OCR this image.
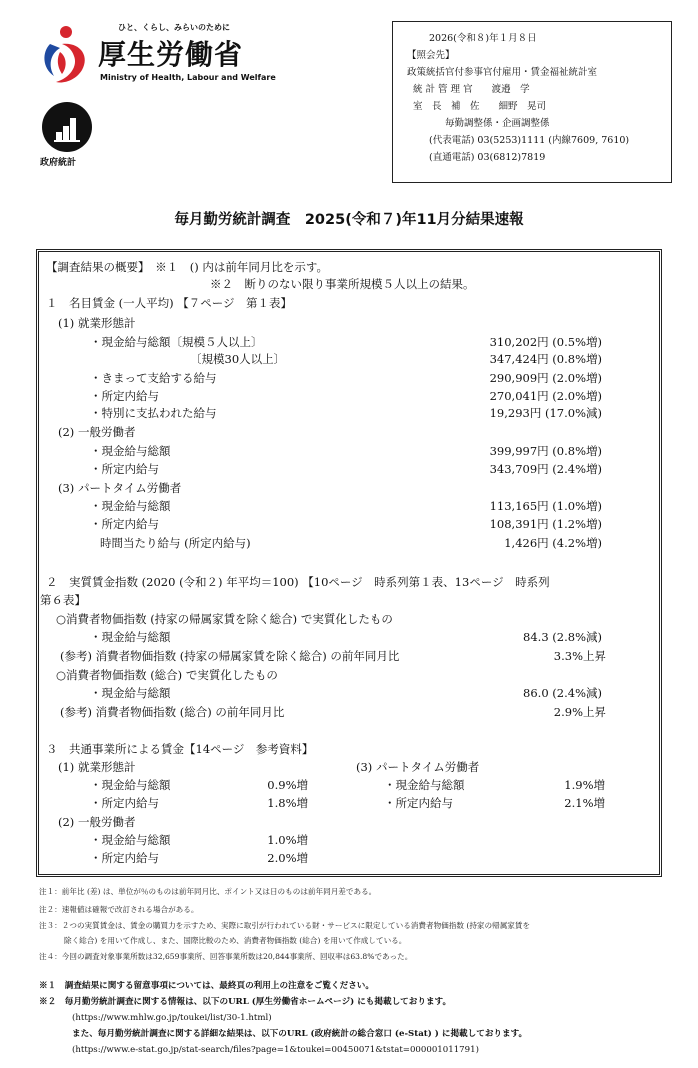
ひと、くらし、みらいのために
厚生労働省
Ministry of Health, Labour and Welfare
政府統計
2026(令和８)年１月８日
【照会先】
政策統括官付参事官付雇用・賃金福祉統計室
統 計 管 理 官　　渡邉　学
室　長　補　佐　　細野　晃司
毎勤調整係・企画調整係
(代表電話) 03(5253)1111 (内線7609, 7610)
(直通電話) 03(6812)7819
毎月勤労統計調査　2025(令和７)年11月分結果速報
【調査結果の概要】　※１　() 内は前年同月比を示す。
※２　断りのない限り事業所規模５人以上の結果。
１　名目賃金 (一人平均) 【７ページ　第１表】
(1) 就業形態計
・現金給与総額〔規模５人以上〕	310,202円 (0.5%増)
〔規模30人以上〕	347,424円 (0.8%増)
・きまって支給する給与	290,909円 (2.0%増)
・所定内給与	270,041円 (2.0%増)
・特別に支払われた給与	19,293円 (17.0%減)
(2) 一般労働者
・現金給与総額	399,997円 (0.8%増)
・所定内給与	343,709円 (2.4%増)
(3) パートタイム労働者
・現金給与総額	113,165円 (1.0%増)
・所定内給与	108,391円 (1.2%増)
時間当たり給与 (所定内給与)	1,426円 (4.2%増)
２　実質賃金指数 (2020 (令和２) 年平均＝100) 【10ページ　時系列第１表、13ページ　時系列
第６表】
○消費者物価指数 (持家の帰属家賃を除く総合) で実質化したもの
・現金給与総額	84.3 (2.8%減)
(参考) 消費者物価指数 (持家の帰属家賃を除く総合) の前年同月比	3.3%上昇
○消費者物価指数 (総合) で実質化したもの
・現金給与総額	86.0 (2.4%減)
(参考) 消費者物価指数 (総合) の前年同月比	2.9%上昇
３　共通事業所による賃金【14ページ　参考資料】
(1) 就業形態計
・現金給与総額	0.9%増
・所定内給与	1.8%増
(2) 一般労働者
・現金給与総額	1.0%増
・所定内給与	2.0%増
(3) パートタイム労働者
・現金給与総額	1.9%増
・所定内給与	2.1%増
注１：前年比 (差) は、単位が％のものは前年同月比、ポイント又は日のものは前年同月差である。
注２：速報値は確報で改訂される場合がある。
注３：２つの実質賃金は、賃金の購買力を示すため、実際に取引が行われている財・サービスに限定している消費者物価指数 (持家の帰属家賃を
除く総合) を用いて作成し、また、国際比較のため、消費者物価指数 (総合) を用いて作成している。
注４：今回の調査対象事業所数は32,659事業所、回答事業所数は20,844事業所、回収率は63.8%であった。
※１　調査結果に関する留意事項については、最終頁の利用上の注意をご覧ください。
※２　毎月勤労統計調査に関する情報は、以下のURL (厚生労働省ホームページ) にも掲載しております。
(https://www.mhlw.go.jp/toukei/list/30-1.html)
また、毎月勤労統計調査に関する詳細な結果は、以下のURL (政府統計の総合窓口 (e-Stat) ) に掲載しております。
(https://www.e-stat.go.jp/stat-search/files?page=1&toukei=00450071&tstat=000001011791)
